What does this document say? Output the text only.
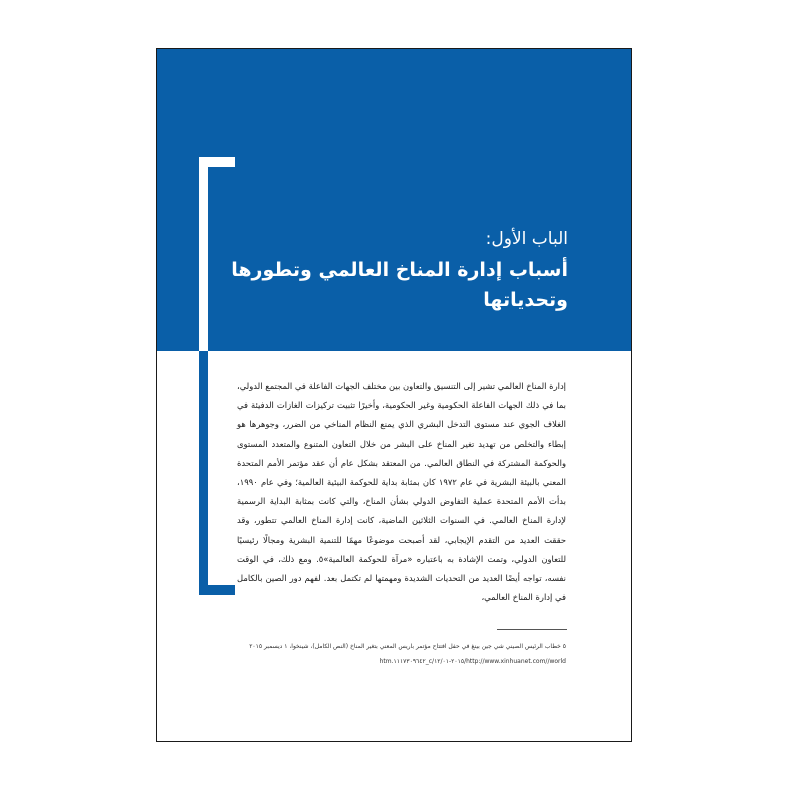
الباب الأول:
أسباب إدارة المناخ العالمي وتطورها وتحدياتها

إدارة المناخ العالمي تشير إلى التنسيق والتعاون بين مختلف الجهات الفاعلة في المجتمع الدولي، بما في ذلك الجهات الفاعلة الحكومية وغير الحكومية، وأخيرًا تثبيت تركيزات الغازات الدفيئة في الغلاف الجوي عند مستوى التدخل البشري الذي يمنع النظام المناخي من الضرر، وجوهرها هو إبطاء والتخلص من تهديد تغير المناخ على البشر من خلال التعاون المتنوع والمتعدد المستوى والحوكمة المشتركة في النطاق العالمي. من المعتقد بشكل عام أن عقد مؤتمر الأمم المتحدة المعني بالبيئة البشرية في عام ١٩٧٢ كان بمثابة بداية للحوكمة البيئية العالمية؛ وفي عام ١٩٩٠، بدأت الأمم المتحدة عملية التفاوض الدولي بشأن المناخ، والتي كانت بمثابة البداية الرسمية لإدارة المناخ العالمي. في السنوات الثلاثين الماضية، كانت إدارة المناخ العالمي تتطور، وقد حققت العديد من التقدم الإيجابي، لقد أصبحت موضوعًا مهمًا للتنمية البشرية ومجالًا رئيسيًا للتعاون الدولي، وتمت الإشادة به باعتباره «مرآة للحوكمة العالمية»٥. ومع ذلك، في الوقت نفسه، تواجه أيضًا العديد من التحديات الشديدة ومهمتها لم تكتمل بعد. لفهم دور الصين بالكامل في إدارة المناخ العالمي،

٥ خطاب الرئيس الصيني شي جين بينغ في حفل افتتاح مؤتمر باريس المعني بتغير المناخ (النص الكامل)، شينخوا، ١ ديسمبر ٢٠١٥ http://www.xinhuanet.com//world/٢٠١٥-١٢/٠١/c_١١١٧٣٠٩٦٤٢.htm
